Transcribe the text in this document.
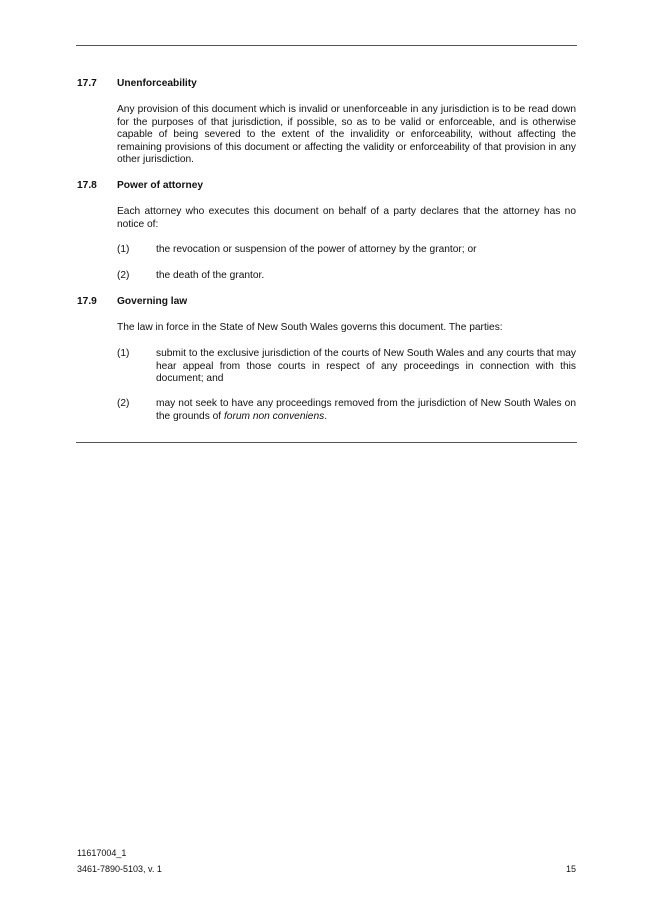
17.7 Unenforceability

Any provision of this document which is invalid or unenforceable in any jurisdiction is to be read down for the purposes of that jurisdiction, if possible, so as to be valid or enforceable, and is otherwise capable of being severed to the extent of the invalidity or enforceability, without affecting the remaining provisions of this document or affecting the validity or enforceability of that provision in any other jurisdiction.

17.8 Power of attorney

Each attorney who executes this document on behalf of a party declares that the attorney has no notice of:

(1)	the revocation or suspension of the power of attorney by the grantor; or
(2)	the death of the grantor.
17.9 Governing law

The law in force in the State of New South Wales governs this document. The parties:

(1)	submit to the exclusive jurisdiction of the courts of New South Wales and any courts that may hear appeal from those courts in respect of any proceedings in connection with this document; and
(2)	may not seek to have any proceedings removed from the jurisdiction of New South Wales on the grounds of forum non conveniens.
11617004_1
3461-7890-5103, v. 1	15
